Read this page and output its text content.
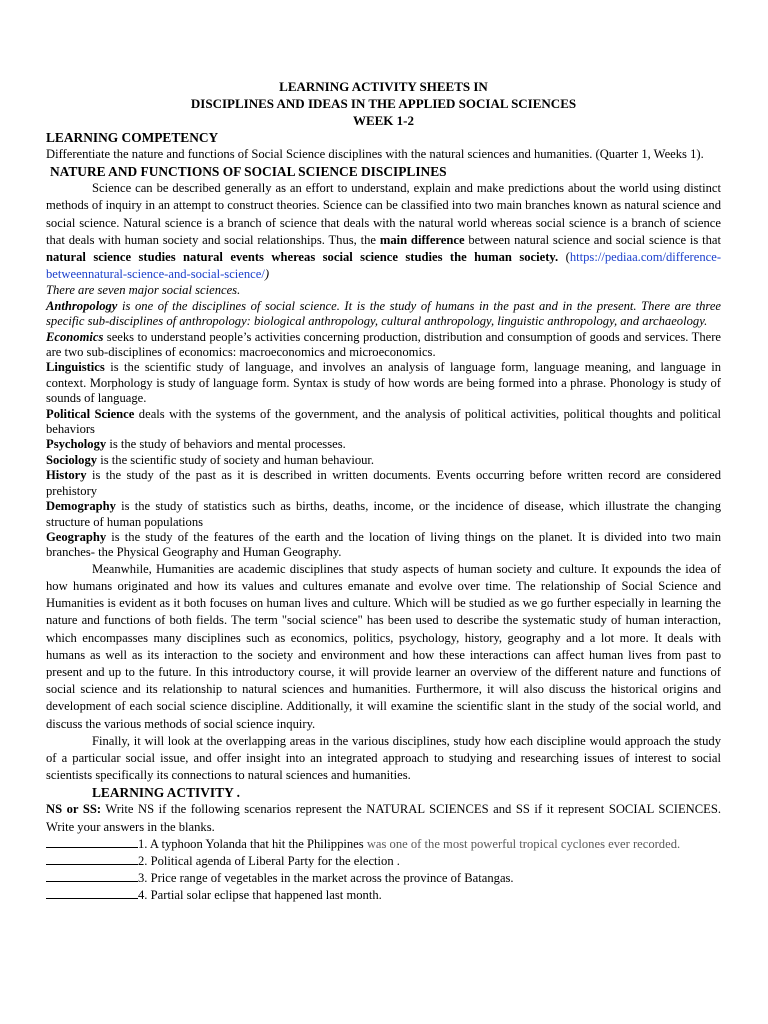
LEARNING ACTIVITY SHEETS IN
DISCIPLINES AND IDEAS IN THE APPLIED SOCIAL SCIENCES
WEEK 1-2
LEARNING COMPETENCY
Differentiate the nature and functions of Social Science disciplines with the natural sciences and humanities. (Quarter 1, Weeks 1).
NATURE AND FUNCTIONS OF SOCIAL SCIENCE DISCIPLINES

Science can be described generally as an effort to understand, explain and make predictions about the world using distinct methods of inquiry in an attempt to construct theories. Science can be classified into two main branches known as natural science and social science. Natural science is a branch of science that deals with the natural world whereas social science is a branch of science that deals with human society and social relationships. Thus, the main difference between natural science and social science is that natural science studies natural events whereas social science studies the human society. (https://pediaa.com/difference-betweennatural-science-and-social-science/)

There are seven major social sciences.

Anthropology is one of the disciplines of social science. It is the study of humans in the past and in the present. There are three specific sub-disciplines of anthropology: biological anthropology, cultural anthropology, linguistic anthropology, and archaeology.

Economics seeks to understand people’s activities concerning production, distribution and consumption of goods and services. There are two sub-disciplines of economics: macroeconomics and microeconomics.

Linguistics is the scientific study of language, and involves an analysis of language form, language meaning, and language in context. Morphology is study of language form. Syntax is study of how words are being formed into a phrase. Phonology is study of sounds of language.

Political Science deals with the systems of the government, and the analysis of political activities, political thoughts and political behaviors

Psychology is the study of behaviors and mental processes.

Sociology is the scientific study of society and human behaviour.

History is the study of the past as it is described in written documents. Events occurring before written record are considered prehistory

Demography is the study of statistics such as births, deaths, income, or the incidence of disease, which illustrate the changing structure of human populations

Geography is the study of the features of the earth and the location of living things on the planet. It is divided into two main branches- the Physical Geography and Human Geography.

Meanwhile, Humanities are academic disciplines that study aspects of human society and culture. It expounds the idea of how humans originated and how its values and cultures emanate and evolve over time. The relationship of Social Science and Humanities is evident as it both focuses on human lives and culture. Which will be studied as we go further especially in learning the nature and functions of both fields. The term "social science" has been used to describe the systematic study of human interaction, which encompasses many disciplines such as economics, politics, psychology, history, geography and a lot more. It deals with humans as well as its interaction to the society and environment and how these interactions can affect human lives from past to present and up to the future. In this introductory course, it will provide learner an overview of the different nature and functions of social science and its relationship to natural sciences and humanities. Furthermore, it will also discuss the historical origins and development of each social science discipline. Additionally, it will examine the scientific slant in the study of the social world, and discuss the various methods of social science inquiry.

Finally, it will look at the overlapping areas in the various disciplines, study how each discipline would approach the study of a particular social issue, and offer insight into an integrated approach to studying and researching issues of interest to social scientists specifically its connections to natural sciences and humanities.

LEARNING ACTIVITY .

NS or SS: Write NS if the following scenarios represent the NATURAL SCIENCES and SS if it represent SOCIAL SCIENCES. Write your answers in the blanks.

1. A typhoon Yolanda that hit the Philippines was one of the most powerful tropical cyclones ever recorded.

2. Political agenda of Liberal Party for the election .

3. Price range of vegetables in the market across the province of Batangas.

4. Partial solar eclipse that happened last month.
